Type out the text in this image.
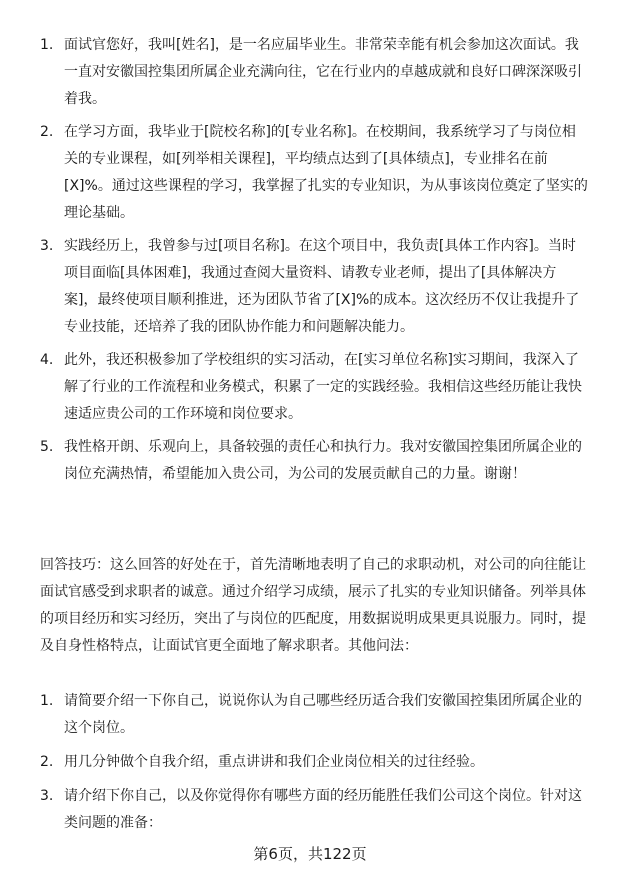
1. 面试官您好，我叫[姓名]，是一名应届毕业生。非常荣幸能有机会参加这次面试。我一直对安徽国控集团所属企业充满向往，它在行业内的卓越成就和良好口碑深深吸引着我。
2. 在学习方面，我毕业于[院校名称]的[专业名称]。在校期间，我系统学习了与岗位相关的专业课程，如[列举相关课程]，平均绩点达到了[具体绩点]，专业排名在前[X]%。通过这些课程的学习，我掌握了扎实的专业知识，为从事该岗位奠定了坚实的理论基础。
3. 实践经历上，我曾参与过[项目名称]。在这个项目中，我负责[具体工作内容]。当时项目面临[具体困难]，我通过查阅大量资料、请教专业老师，提出了[具体解决方案]，最终使项目顺利推进，还为团队节省了[X]%的成本。这次经历不仅让我提升了专业技能，还培养了我的团队协作能力和问题解决能力。
4. 此外，我还积极参加了学校组织的实习活动，在[实习单位名称]实习期间，我深入了解了行业的工作流程和业务模式，积累了一定的实践经验。我相信这些经历能让我快速适应贵公司的工作环境和岗位要求。
5. 我性格开朗、乐观向上，具备较强的责任心和执行力。我对安徽国控集团所属企业的岗位充满热情，希望能加入贵公司，为公司的发展贡献自己的力量。谢谢！

回答技巧：这么回答的好处在于，首先清晰地表明了自己的求职动机，对公司的向往能让面试官感受到求职者的诚意。通过介绍学习成绩，展示了扎实的专业知识储备。列举具体的项目经历和实习经历，突出了与岗位的匹配度，用数据说明成果更具说服力。同时，提及自身性格特点，让面试官更全面地了解求职者。其他问法：

1. 请简要介绍一下你自己，说说你认为自己哪些经历适合我们安徽国控集团所属企业的这个岗位。
2. 用几分钟做个自我介绍，重点讲讲和我们企业岗位相关的过往经验。
3. 请介绍下你自己，以及你觉得你有哪些方面的经历能胜任我们公司这个岗位。针对这类问题的准备：
第6页，共122页
